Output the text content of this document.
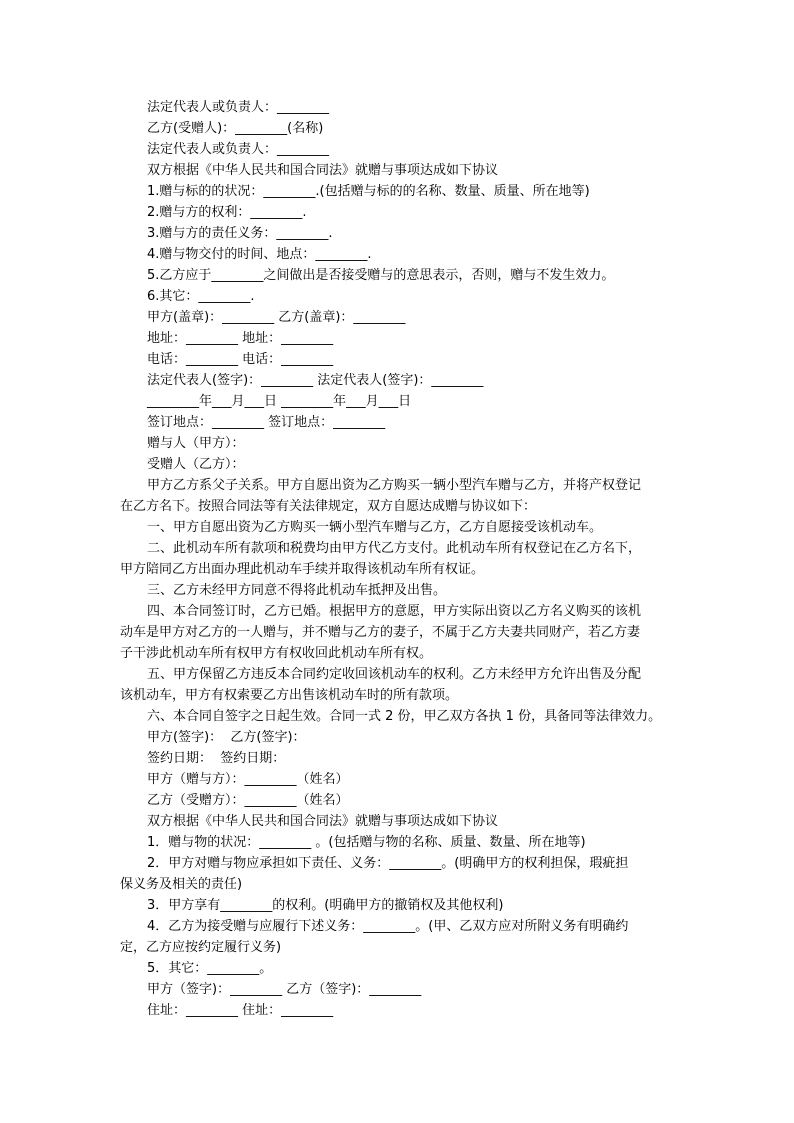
法定代表人或负责人：________
乙方(受赠人)：________(名称)
法定代表人或负责人：________
双方根据《中华人民共和国合同法》就赠与事项达成如下协议
1.赠与标的的状况：________.(包括赠与标的的名称、数量、质量、所在地等)
2.赠与方的权利：________.
3.赠与方的责任义务：________.
4.赠与物交付的时间、地点：________.
5.乙方应于________之间做出是否接受赠与的意思表示，否则，赠与不发生效力。
6.其它：________.
甲方(盖章)：________ 乙方(盖章)：________
地址：________ 地址：________
电话：________ 电话：________
法定代表人(签字)：________ 法定代表人(签字)：________
________年___月___日 ________年___月___日
签订地点：________ 签订地点：________
赠与人（甲方）：
受赠人（乙方）：
甲方乙方系父子关系。甲方自愿出资为乙方购买一辆小型汽车赠与乙方，并将产权登记
在乙方名下。按照合同法等有关法律规定，双方自愿达成赠与协议如下：
一、甲方自愿出资为乙方购买一辆小型汽车赠与乙方，乙方自愿接受该机动车。
二、此机动车所有款项和税费均由甲方代乙方支付。此机动车所有权登记在乙方名下，
甲方陪同乙方出面办理此机动车手续并取得该机动车所有权证。
三、乙方未经甲方同意不得将此机动车抵押及出售。
四、本合同签订时，乙方已婚。根据甲方的意愿，甲方实际出资以乙方名义购买的该机
动车是甲方对乙方的一人赠与，并不赠与乙方的妻子，不属于乙方夫妻共同财产，若乙方妻
子干涉此机动车所有权甲方有权收回此机动车所有权。
五、甲方保留乙方违反本合同约定收回该机动车的权利。乙方未经甲方允许出售及分配
该机动车，甲方有权索要乙方出售该机动车时的所有款项。
六、本合同自签字之日起生效。合同一式 2 份，甲乙双方各执 1 份，具备同等法律效力。
甲方(签字)：  乙方(签字)：
签约日期：  签约日期：
甲方（赠与方）：________（姓名）
乙方（受赠方）：________（姓名）
双方根据《中华人民共和国合同法》就赠与事项达成如下协议
1．赠与物的状况：________ 。(包括赠与物的名称、质量、数量、所在地等)
2．甲方对赠与物应承担如下责任、义务：________。(明确甲方的权利担保，瑕疵担
保义务及相关的责任)
3．甲方享有________的权利。(明确甲方的撤销权及其他权利)
4．乙方为接受赠与应履行下述义务：________。(甲、乙双方应对所附义务有明确约
定，乙方应按约定履行义务)
5．其它：________。
甲方（签字)：________ 乙方（签字)：________
住址：________ 住址：________
